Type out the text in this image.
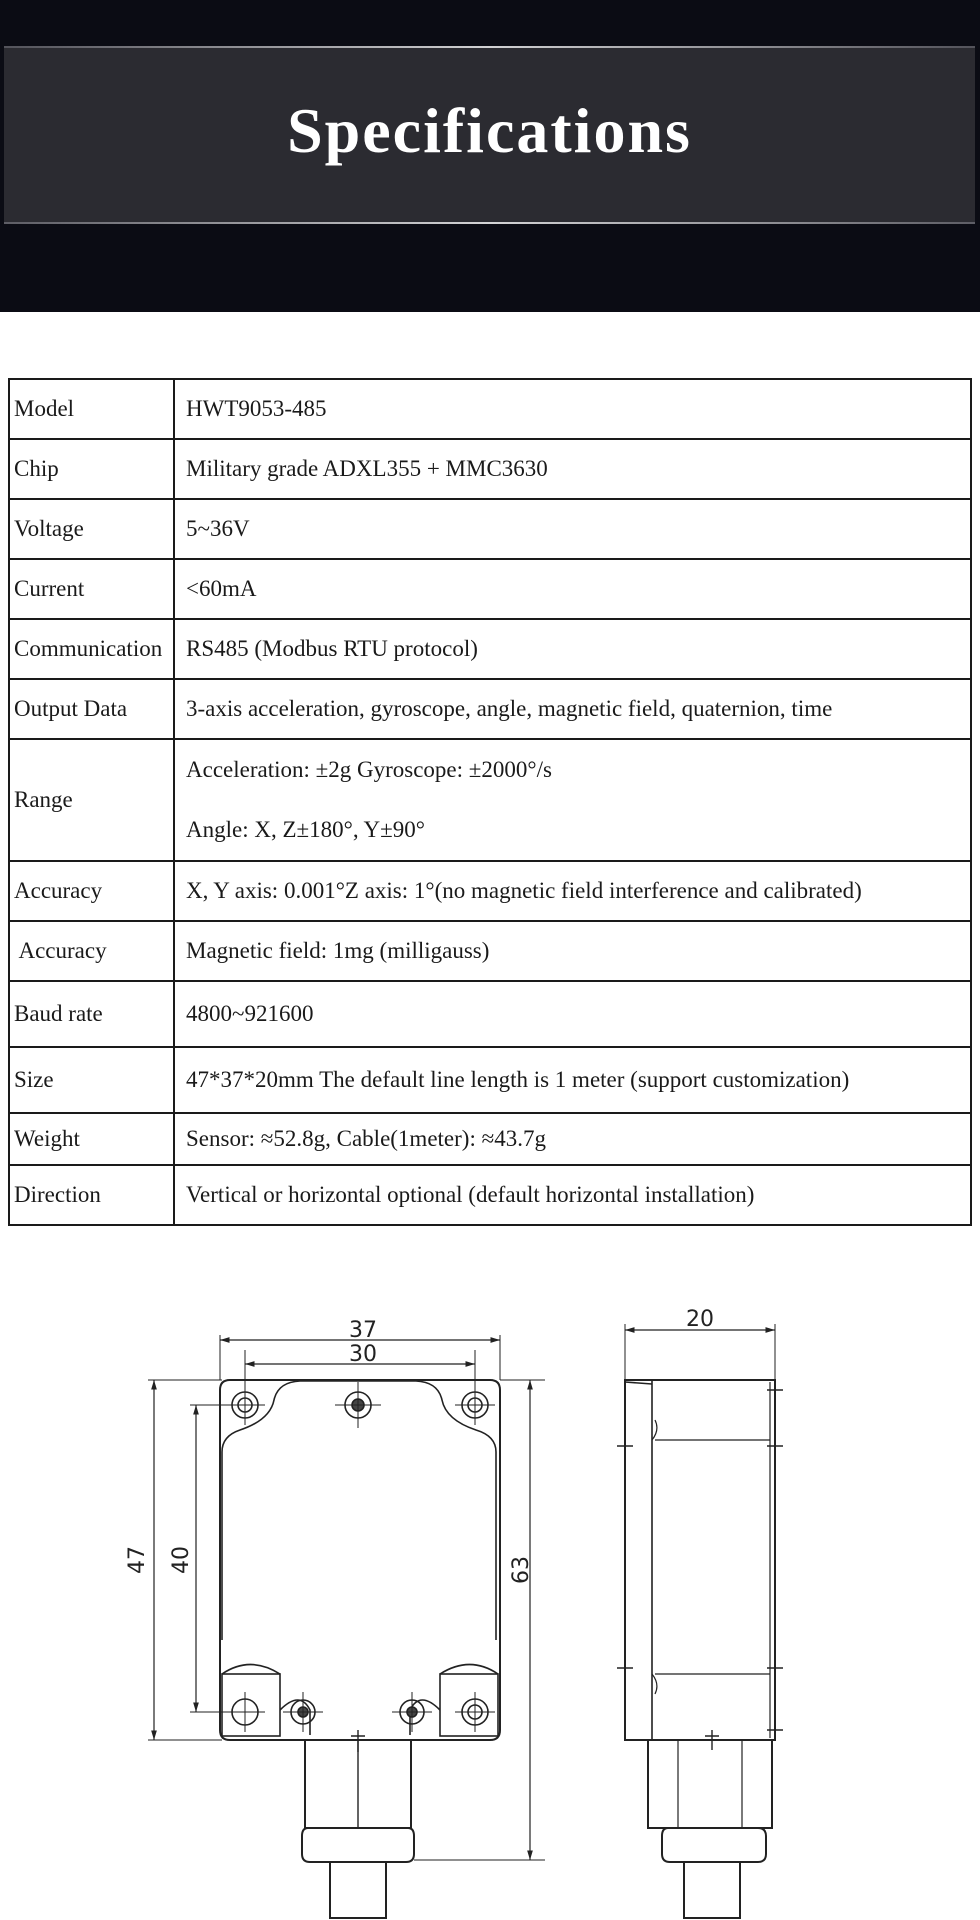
Specifications
Model	HWT9053-485
Chip	Military grade ADXL355 + MMC3630
Voltage	5~36V
Current	<60mA
Communication	RS485 (Modbus RTU protocol)
Output Data	3-axis acceleration, gyroscope, angle, magnetic field, quaternion, time
Range	Acceleration: ±2g Gyroscope: ±2000°/s
Angle: X, Z±180°, Y±90°

Accuracy	X, Y axis: 0.001°Z axis: 1°(no magnetic field interference and calibrated)
Accuracy	Magnetic field: 1mg (milligauss)
Baud rate	4800~921600
Size	47*37*20mm The default line length is 1 meter (support customization)
Weight	Sensor: ≈52.8g, Cable(1meter): ≈43.7g
Direction	Vertical or horizontal optional (default horizontal installation)
37
30
47 40	63
20
